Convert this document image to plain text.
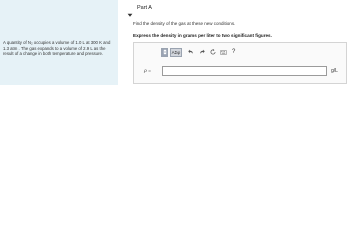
A quantity of N₂ occupies a volume of 1.0 L at 300 K and 1.3 atm . The gas expands to a volume of 2.9 L as the result of a change in both temperature and pressure.
Part A
Find the density of the gas at these new conditions.
Express the density in grams per liter to two significant figures.
AΣφ	?
ρ =	g/L
